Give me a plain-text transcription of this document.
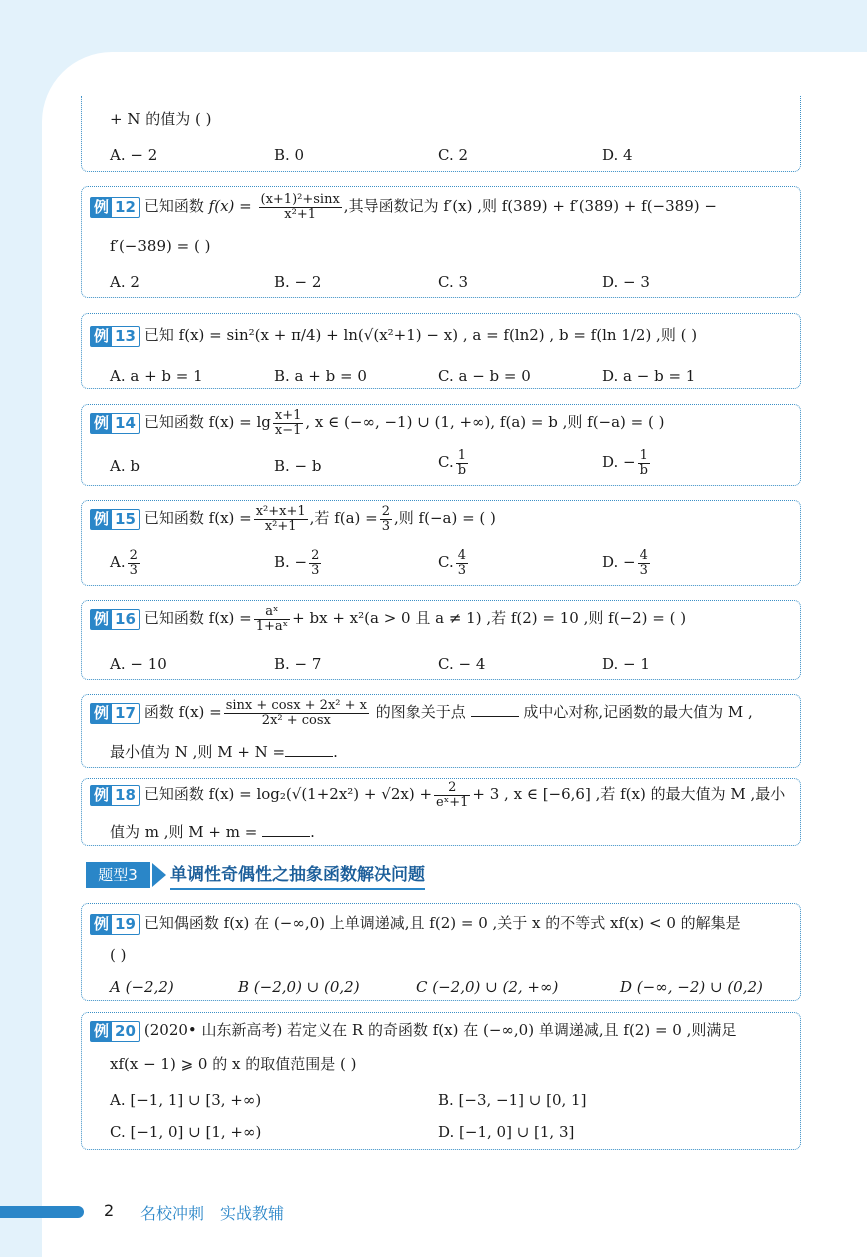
+ N 的值为 ( )
A. − 2	B. 0	C. 2	D. 4
例 12 已知函数 $f(x) = \frac{\text{(x+1)²+sinx}}{\text{x²+1}}$ ,其导函数记为 f′(x) ,则 f(389) + f′(389) + f(−389) −
f′(−389) = ( )
A. 2	B. − 2	C. 3	D. − 3
例 13 已知 f(x) = sin²(x + π/4) + ln(√(x²+1) − x) , a = f(ln2) , b = f(ln 1/2) ,则 ( )
A. a + b = 1	B. a + b = 0	C. a − b = 0	D. a − b = 1
例 14 已知函数 $f(x) = \lg \frac{x+1}{x-1}$ , x ∈ (−∞, −1) ∪ (1, +∞), f(a) = b ,则 f(−a) = ( )
A. b	B. − b	C. $\frac{1}{b}$	D. − $\frac{1}{b}$
例 15 已知函数 $f(x) = \frac{\text{x²+x+1}}{\text{x²+1}}$ ,若 $f(a) = \frac{2}{3}$ ,则 f(−a) = ( )
A. $\frac{2}{3}$	B. − $\frac{2}{3}$	C. $\frac{4}{3}$	D. − $\frac{4}{3}$
例 16 已知函数 $f(x) = \frac{\text{aˣ}}{\text{1+aˣ}}$ + bx + x²(a > 0 且 a ≠ 1) ,若 f(2) = 10 ,则 f(−2) = ( )
A. − 10	B. − 7	C. − 4	D. − 1
例 17 函数 $f(x) = \frac{\text{sinx + cosx + 2x² + x}}{\text{2x² + cosx}}$ 的图象关于点	成中心对称,记函数的最大值为 M ,
最小值为 N ,则 M + N =	.
例 18 已知函数 $f(x) = \log_2(√(1+2x^2) + √2x) + \frac{2}{\text{eˣ+1}} + 3$ , x ∈ [−6,6] ,若 f(x) 的最大值为 M ,最小
值为 m ,则 M + m =	.
题型3	单调性奇偶性之抽象函数解决问题
例 19 已知偶函数 f(x) 在 (−∞,0) 上单调递减,且 f(2) = 0 ,关于 x 的不等式 xf(x) < 0 的解集是
( )
A (−2,2)	B (−2,0) ∪ (0,2)	C (−2,0) ∪ (2, +∞)	D (−∞, −2) ∪ (0,2)
例 20 (2020• 山东新高考) 若定义在 R 的奇函数 f(x) 在 (−∞,0) 单调递减,且 f(2) = 0 ,则满足
xf(x − 1) ⩾ 0 的 x 的取值范围是 ( )
A. [−1, 1] ∪ [3, +∞)	B. [−3, −1] ∪ [0, 1]
C. [−1, 0] ∪ [1, +∞)	D. [−1, 0] ∪ [1, 3]
2 名校冲刺　实战教辅
